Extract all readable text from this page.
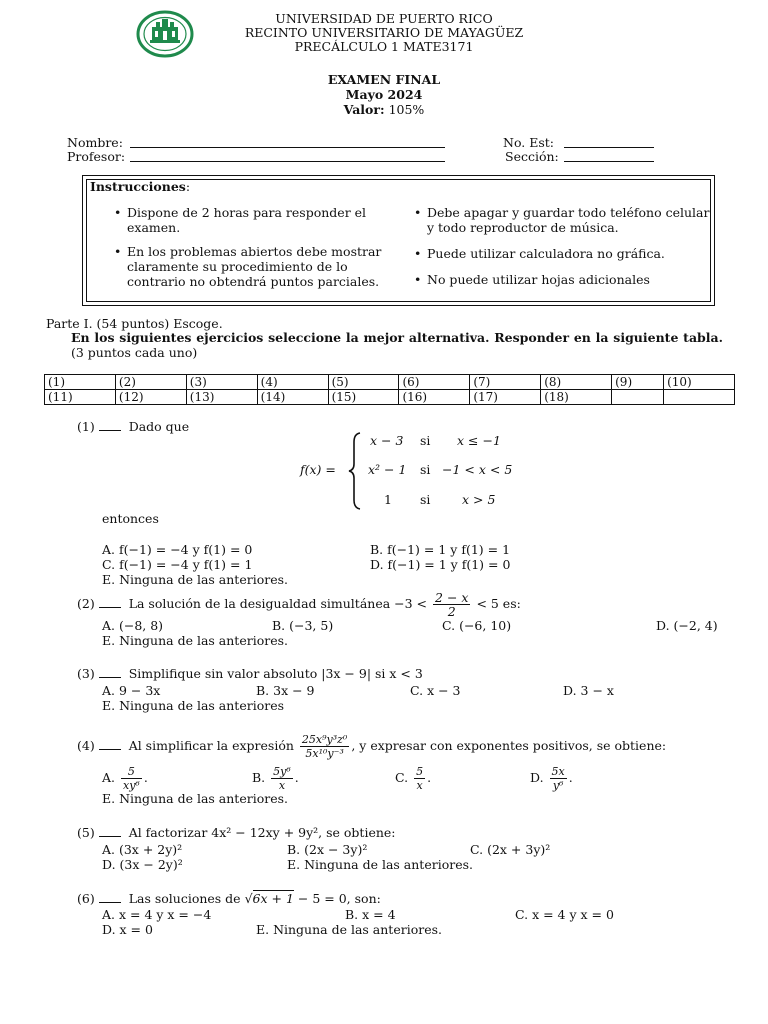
UNIVERSIDAD DE PUERTO RICO
RECINTO UNIVERSITARIO DE MAYAGÜEZ
PRECÁLCULO 1 MATE3171
EXAMEN FINAL
Mayo 2024
Valor: 105%
Nombre:
Profesor:
No. Est:
Sección:
Instrucciones:
• Dispone de 2 horas para responder el examen.
• En los problemas abiertos debe mostrar claramente su procedimiento de lo contrario no obtendrá puntos parciales.
• Debe apagar y guardar todo teléfono celular y todo reproductor de música.
• Puede utilizar calculadora no gráfica.
• No puede utilizar hojas adicionales
Parte I. (54 puntos) Escoge.
En los siguientes ejercicios seleccione la mejor alternativa. Responder en la siguiente tabla. (3 puntos cada uno)
(1)	(2)	(3)	(4)	(5)	(6)	(7)	(8)	(9)	(10)
(11)	(12)	(13)	(14)	(15)	(16)	(17)	(18)		
(1)	Dado que
f(x) =
x − 3 si x ≤ −1
x² − 1 si −1 < x < 5
1 si	x > 5
entonces
A. f(−1) = −4 y f(1) = 0	B. f(−1) = 1 y f(1) = 1
C. f(−1) = −4 y f(1) = 1	D. f(−1) = 1 y f(1) = 0
E. Ninguna de las anteriores.
(2)	La solución de la desigualdad simultánea $-3 < \frac{2 - x}{2} < 5$ es:
A. (−8, 8)	B. (−3, 5)	C. (−6, 10)	D. (−2, 4)
E. Ninguna de las anteriores.
(3)	Simplifique sin valor absoluto |3x − 9| si x < 3
A. 9 − 3x	B. 3x − 9	C. x − 3	D. 3 − x
E. Ninguna de las anteriores
(4)	Al simplificar la expresión $\frac{\text{25x⁹y³z⁰}}{\text{5x¹⁰y⁻³}}$ , y expresar con exponentes positivos, se obtiene:
A. $\frac{5}{\text{xy⁶}}$ .	B. $\frac{\text{5y⁶}}{x}$ .	C. $\frac{5}{x}$ .	D. $\frac{5x}{\text{y⁶}}$ .
E. Ninguna de las anteriores.
(5)	Al factorizar 4x² − 12xy + 9y², se obtiene:
A. (3x + 2y)²	B. (2x − 3y)²	C. (2x + 3y)²
D. (3x − 2y)²	E. Ninguna de las anteriores.
(6)	Las soluciones de √6x + 1 − 5 = 0, son:
A. x = 4 y x = −4	B. x = 4	C. x = 4 y x = 0
D. x = 0	E. Ninguna de las anteriores.
